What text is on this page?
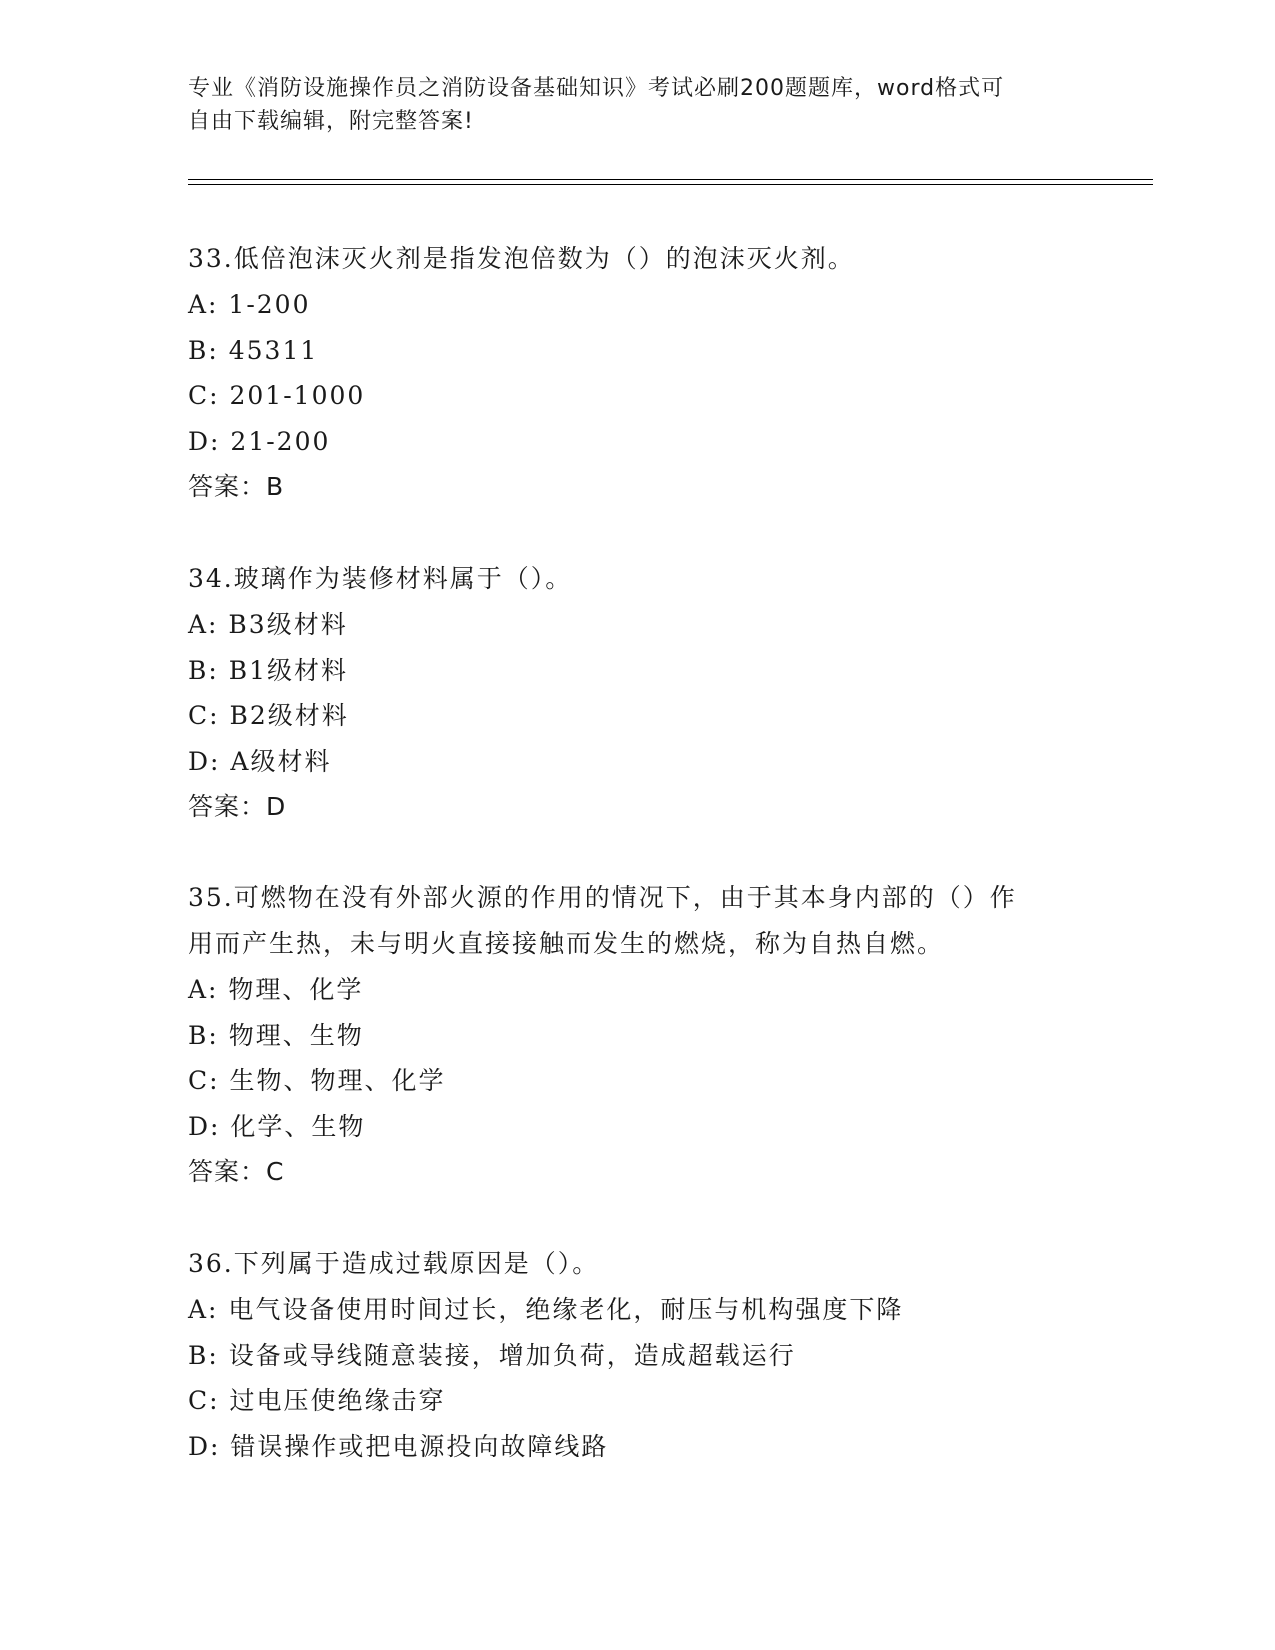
专业《消防设施操作员之消防设备基础知识》考试必刷200题题库，word格式可
自由下载编辑，附完整答案!
33.低倍泡沫灭火剂是指发泡倍数为（）的泡沫灭火剂。
A: 1-200
B: 45311
C: 201-1000
D: 21-200
答案：B
34.玻璃作为装修材料属于（）。
A: B3级材料
B: B1级材料
C: B2级材料
D: A级材料
答案：D
35.可燃物在没有外部火源的作用的情况下，由于其本身内部的（）作
用而产生热，未与明火直接接触而发生的燃烧，称为自热自燃。
A: 物理、化学
B: 物理、生物
C: 生物、物理、化学
D: 化学、生物
答案：C
36.下列属于造成过载原因是（）。
A: 电气设备使用时间过长，绝缘老化，耐压与机构强度下降
B: 设备或导线随意装接，增加负荷，造成超载运行
C: 过电压使绝缘击穿
D: 错误操作或把电源投向故障线路
